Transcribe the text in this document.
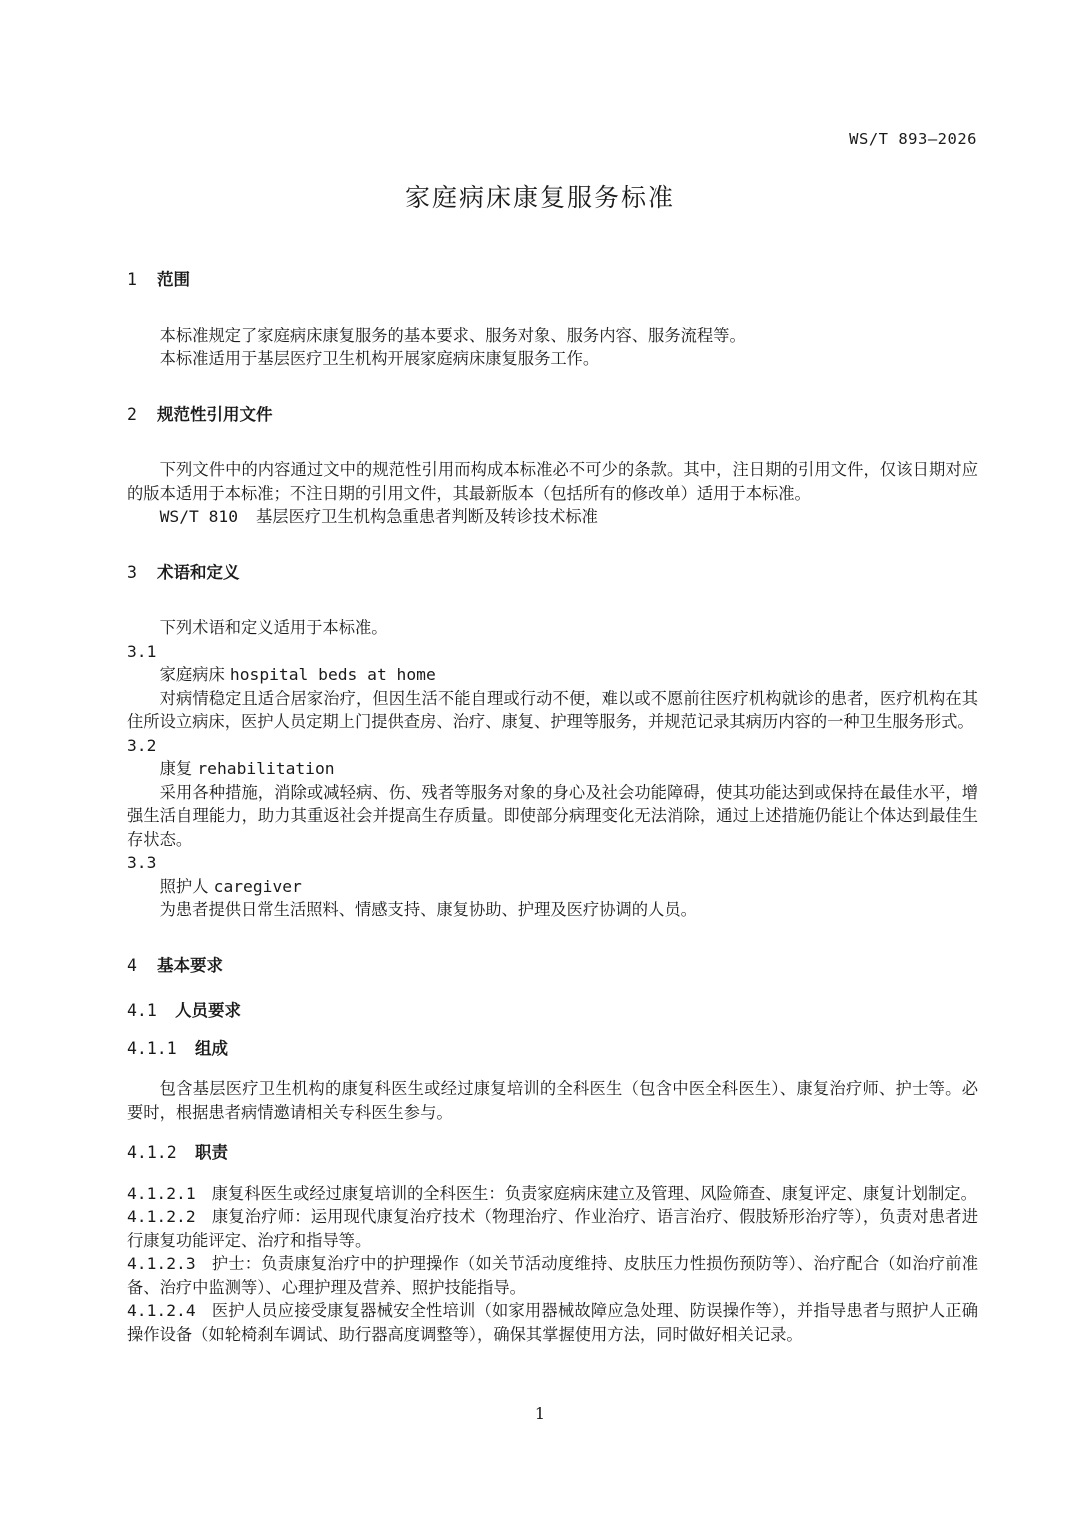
WS/T 893—2026
家庭病床康复服务标准
1 范围

本标准规定了家庭病床康复服务的基本要求、服务对象、服务内容、服务流程等。

本标准适用于基层医疗卫生机构开展家庭病床康复服务工作。

2 规范性引用文件

下列文件中的内容通过文中的规范性引用而构成本标准必不可少的条款。其中，注日期的引用文件，仅该日期对应的版本适用于本标准；不注日期的引用文件，其最新版本（包括所有的修改单）适用于本标准。

WS/T 810 基层医疗卫生机构急重患者判断及转诊技术标准

3 术语和定义

下列术语和定义适用于本标准。

3.1

家庭病床 hospital beds at home

对病情稳定且适合居家治疗，但因生活不能自理或行动不便，难以或不愿前往医疗机构就诊的患者，医疗机构在其住所设立病床，医护人员定期上门提供查房、治疗、康复、护理等服务，并规范记录其病历内容的一种卫生服务形式。

3.2

康复 rehabilitation

采用各种措施，消除或减轻病、伤、残者等服务对象的身心及社会功能障碍，使其功能达到或保持在最佳水平，增强生活自理能力，助力其重返社会并提高生存质量。即使部分病理变化无法消除，通过上述措施仍能让个体达到最佳生存状态。

3.3

照护人 caregiver

为患者提供日常生活照料、情感支持、康复协助、护理及医疗协调的人员。

4 基本要求
4.1 人员要求
4.1.1 组成

包含基层医疗卫生机构的康复科医生或经过康复培训的全科医生（包含中医全科医生）、康复治疗师、护士等。必要时，根据患者病情邀请相关专科医生参与。

4.1.2 职责

4.1.2.1 康复科医生或经过康复培训的全科医生：负责家庭病床建立及管理、风险筛查、康复评定、康复计划制定。

4.1.2.2 康复治疗师：运用现代康复治疗技术（物理治疗、作业治疗、语言治疗、假肢矫形治疗等），负责对患者进行康复功能评定、治疗和指导等。

4.1.2.3 护士：负责康复治疗中的护理操作（如关节活动度维持、皮肤压力性损伤预防等）、治疗配合（如治疗前准备、治疗中监测等）、心理护理及营养、照护技能指导。

4.1.2.4 医护人员应接受康复器械安全性培训（如家用器械故障应急处理、防误操作等），并指导患者与照护人正确操作设备（如轮椅刹车调试、助行器高度调整等），确保其掌握使用方法，同时做好相关记录。

1
